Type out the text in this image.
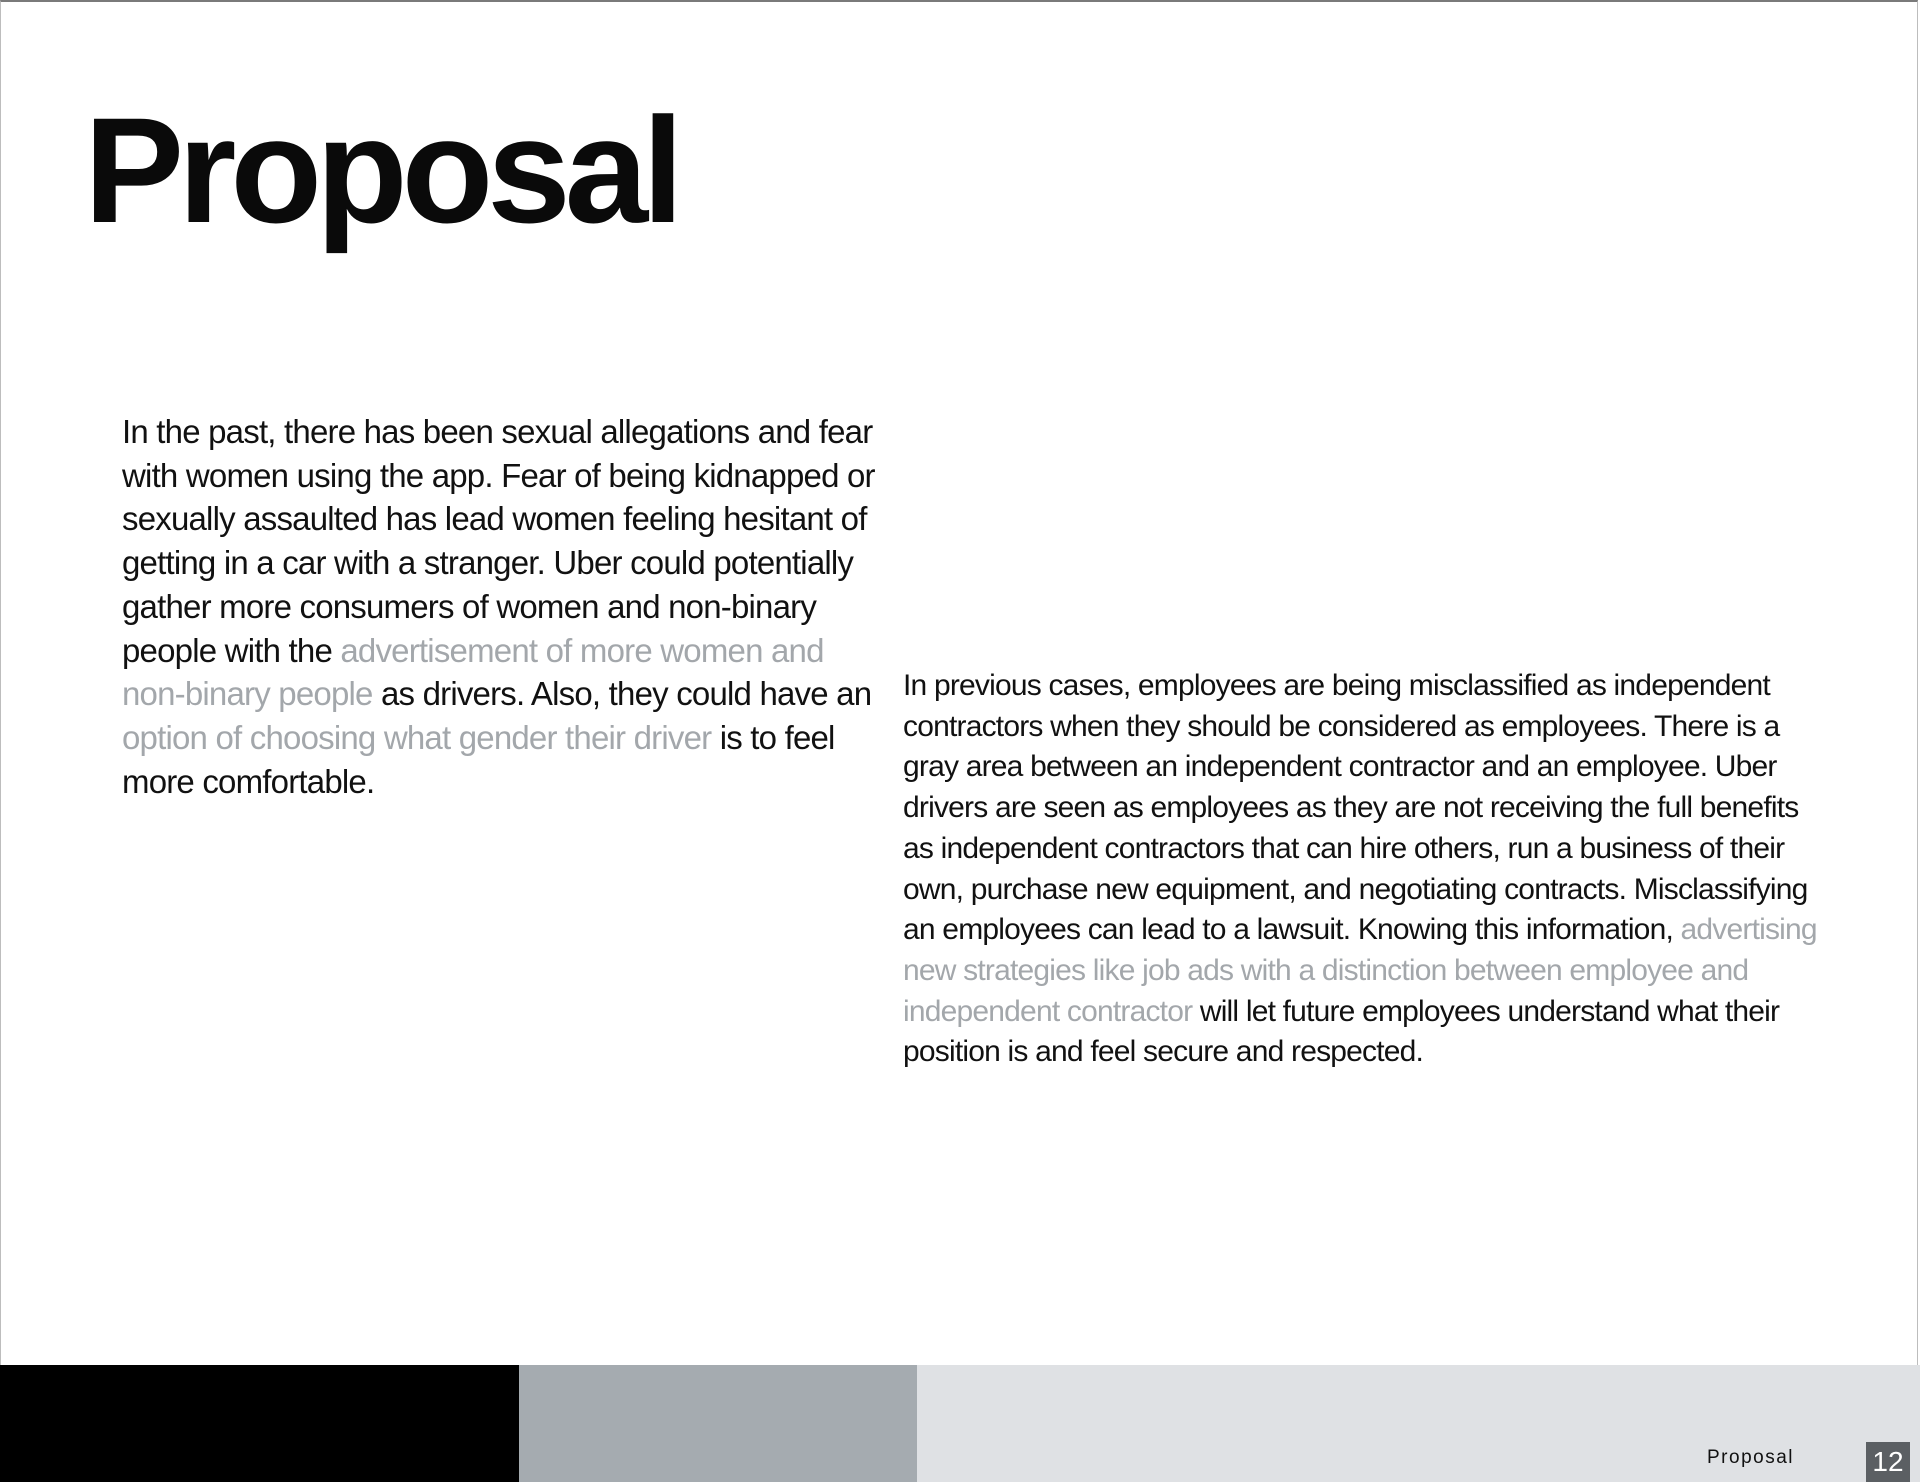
Proposal

In the past, there has been sexual allegations and fear with women using the app. Fear of being kidnapped or sexually assaulted has lead women feeling hesitant of getting in a car with a stranger. Uber could potentially gather more consumers of women and non-binary people with the advertisement of more women and non-binary people as drivers. Also, they could have an option of choosing what gender their driver is to feel more comfortable.

In previous cases, employees are being misclassified as independent contractors when they should be considered as employees. There is a gray area between an independent contractor and an employee. Uber drivers are seen as employees as they are not receiving the full benefits as independent contractors that can hire others, run a business of their own, purchase new equipment, and negotiating contracts. Misclassifying an employees can lead to a lawsuit. Knowing this information, advertising new strategies like job ads with a distinction between employee and independent contractor will let future employees understand what their position is and feel secure and respected.

Proposal	12
